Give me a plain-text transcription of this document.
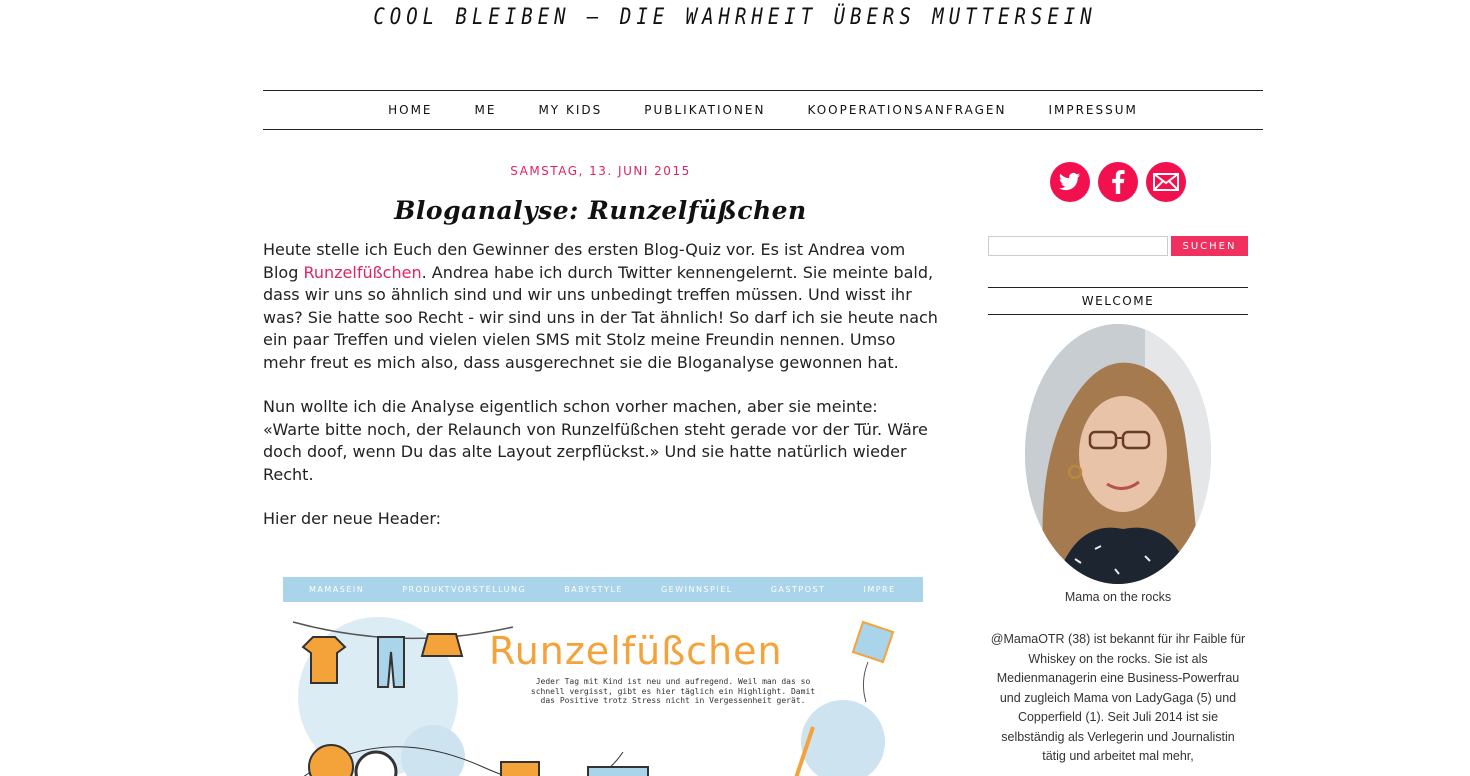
COOL BLEIBEN – DIE WAHRHEIT ÜBERS MUTTERSEIN
HOME	ME	MY KIDS	PUBLIKATIONEN	KOOPERATIONSANFRAGEN	IMPRESSUM
SAMSTAG, 13. JUNI 2015
Bloganalyse: Runzelfüßchen

Heute stelle ich Euch den Gewinner des ersten Blog-Quiz vor. Es ist Andrea vom Blog Runzelfüßchen. Andrea habe ich durch Twitter kennengelernt. Sie meinte bald, dass wir uns so ähnlich sind und wir uns unbedingt treffen müssen. Und wisst ihr was? Sie hatte soo Recht - wir sind uns in der Tat ähnlich! So darf ich sie heute nach ein paar Treffen und vielen vielen SMS mit Stolz meine Freundin nennen. Umso mehr freut es mich also, dass ausgerechnet sie die Bloganalyse gewonnen hat.

Nun wollte ich die Analyse eigentlich schon vorher machen, aber sie meinte: «Warte bitte noch, der Relaunch von Runzelfüßchen steht gerade vor der Tür. Wäre doch doof, wenn Du das alte Layout zerpflückst.» Und sie hatte natürlich wieder Recht.

Hier der neue Header:

MAMASEIN	PRODUKTVORSTELLUNG	BABYSTYLE	GEWINNSPIEL	GASTPOST	IMPRE
Runzelfüßchen
Jeder Tag mit Kind ist neu und aufregend. Weil man das so schnell vergisst, gibt es hier täglich ein Highlight. Damit das Positive trotz Stress nicht in Vergessenheit gerät.
SUCHEN
WELCOME
Mama on the rocks
@MamaOTR (38) ist bekannt für ihr Faible für Whiskey on the rocks. Sie ist als Medienmanagerin eine Business-Powerfrau und zugleich Mama von LadyGaga (5) und Copperfield (1). Seit Juli 2014 ist sie selbständig als Verlegerin und Journalistin tätig und arbeitet mal mehr,
